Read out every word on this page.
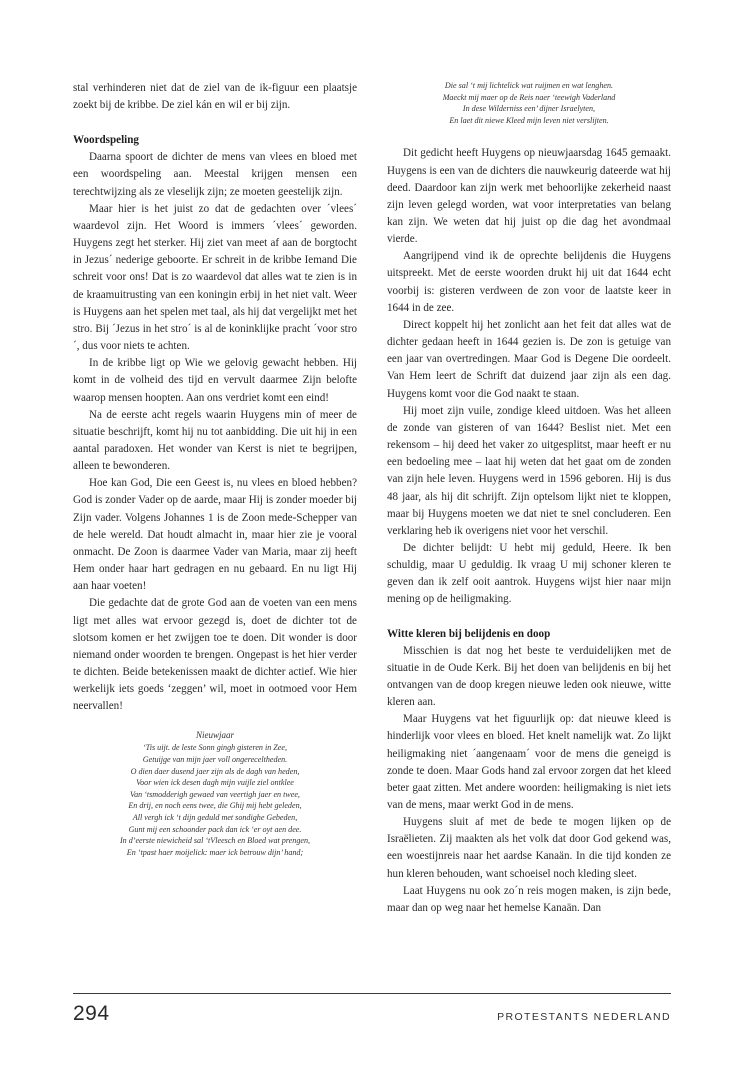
stal verhinderen niet dat de ziel van de ik-figuur een plaatsje zoekt bij de kribbe. De ziel kán en wil er bij zijn.

Woordspeling

Daarna spoort de dichter de mens van vlees en bloed met een woordspeling aan. Meestal krijgen mensen een terechtwijzing als ze vleselijk zijn; ze moeten geestelijk zijn.

Maar hier is het juist zo dat de gedachten over ´vlees´ waardevol zijn. Het Woord is immers ´vlees´ geworden. Huygens zegt het sterker. Hij ziet van meet af aan de borgtocht in Jezus´ nederige geboorte. Er schreit in de kribbe Iemand Die schreit voor ons! Dat is zo waardevol dat alles wat te zien is in de kraamuitrusting van een koningin erbij in het niet valt. Weer is Huygens aan het spelen met taal, als hij dat vergelijkt met het stro. Bij ´Jezus in het stro´ is al de koninklijke pracht ´voor stro´, dus voor niets te achten.

In de kribbe ligt op Wie we gelovig gewacht hebben. Hij komt in de volheid des tijd en vervult daarmee Zijn belofte waarop mensen hoopten. Aan ons verdriet komt een eind!

Na de eerste acht regels waarin Huygens min of meer de situatie beschrijft, komt hij nu tot aanbidding. Die uit hij in een aantal paradoxen. Het wonder van Kerst is niet te begrijpen, alleen te bewonderen.

Hoe kan God, Die een Geest is, nu vlees en bloed hebben? God is zonder Vader op de aarde, maar Hij is zonder moeder bij Zijn vader. Volgens Johannes 1 is de Zoon mede-Schepper van de hele wereld. Dat houdt almacht in, maar hier zie je vooral onmacht. De Zoon is daarmee Vader van Maria, maar zij heeft Hem onder haar hart gedragen en nu gebaard. En nu ligt Hij aan haar voeten!

Die gedachte dat de grote God aan de voeten van een mens ligt met alles wat ervoor gezegd is, doet de dichter tot de slotsom komen er het zwijgen toe te doen. Dit wonder is door niemand onder woorden te brengen. Ongepast is het hier verder te dichten. Beide betekenissen maakt de dichter actief. Wie hier werkelijk iets goeds ‘zeggen’ wil, moet in ootmoed voor Hem neervallen!

Nieuwjaar

‘Tis uijt. de leste Sonn gingh gisteren in Zee,
Getuijge van mijn jaer voll ongereceltheden.
O dien daer dusend jaer zijn als de dagh van heden,
Voor wien ick desen dagh mijn vuijle ziel ontklee
Van ‘tsmodderigh gewaed van veertigh jaer en twee,
En drij, en noch eens twee, die Ghij mij hebt geleden,
All vergh ick ‘t dijn geduld met sondighe Gebeden,
Gunt mij een schoonder pack dan ick ‘er oyt aen dee.
In d’eerste niewicheid sal ‘tVleesch en Bloed wat prengen,
En ‘tpast haer moijelick: maer ick betrouw dijn’ hand;
Die sal ‘t mij lichtelick wat ruijmen en wat lenghen.
Maeckt mij maer op de Reis naer ‘teewigh Vaderland
In dese Wilderniss een’ dijner Israelyten,
En laet dit niewe Kleed mijn leven niet verslijten.

Dit gedicht heeft Huygens op nieuwjaarsdag 1645 gemaakt. Huygens is een van de dichters die nauwkeurig dateerde wat hij deed. Daardoor kan zijn werk met behoorlijke zekerheid naast zijn leven gelegd worden, wat voor interpretaties van belang kan zijn. We weten dat hij juist op die dag het avondmaal vierde.

Aangrijpend vind ik de oprechte belijdenis die Huygens uitspreekt. Met de eerste woorden drukt hij uit dat 1644 echt voorbij is: gisteren verdween de zon voor de laatste keer in 1644 in de zee.

Direct koppelt hij het zonlicht aan het feit dat alles wat de dichter gedaan heeft in 1644 gezien is. De zon is getuige van een jaar van overtredingen. Maar God is Degene Die oordeelt. Van Hem leert de Schrift dat duizend jaar zijn als een dag. Huygens komt voor die God naakt te staan.

Hij moet zijn vuile, zondige kleed uitdoen. Was het alleen de zonde van gisteren of van 1644? Beslist niet. Met een rekensom – hij deed het vaker zo uitgesplitst, maar heeft er nu een bedoeling mee – laat hij weten dat het gaat om de zonden van zijn hele leven. Huygens werd in 1596 geboren. Hij is dus 48 jaar, als hij dit schrijft. Zijn optelsom lijkt niet te kloppen, maar bij Huygens moeten we dat niet te snel concluderen. Een verklaring heb ik overigens niet voor het verschil.

De dichter belijdt: U hebt mij geduld, Heere. Ik ben schuldig, maar U geduldig. Ik vraag U mij schoner kleren te geven dan ik zelf ooit aantrok. Huygens wijst hier naar mijn mening op de heiligmaking.

Witte kleren bij belijdenis en doop

Misschien is dat nog het beste te verduidelijken met de situatie in de Oude Kerk. Bij het doen van belijdenis en bij het ontvangen van de doop kregen nieuwe leden ook nieuwe, witte kleren aan.

Maar Huygens vat het figuurlijk op: dat nieuwe kleed is hinderlijk voor vlees en bloed. Het knelt namelijk wat. Zo lijkt heiligmaking niet ´aangenaam´ voor de mens die geneigd is zonde te doen. Maar Gods hand zal ervoor zorgen dat het kleed beter gaat zitten. Met andere woorden: heiligmaking is niet iets van de mens, maar werkt God in de mens.

Huygens sluit af met de bede te mogen lijken op de Israëlieten. Zij maakten als het volk dat door God gekend was, een woestijnreis naar het aardse Kanaän. In die tijd konden ze hun kleren behouden, want schoeisel noch kleding sleet.

Laat Huygens nu ook zo´n reis mogen maken, is zijn bede, maar dan op weg naar het hemelse Kanaän. Dan

294	PROTESTANTS NEDERLAND
